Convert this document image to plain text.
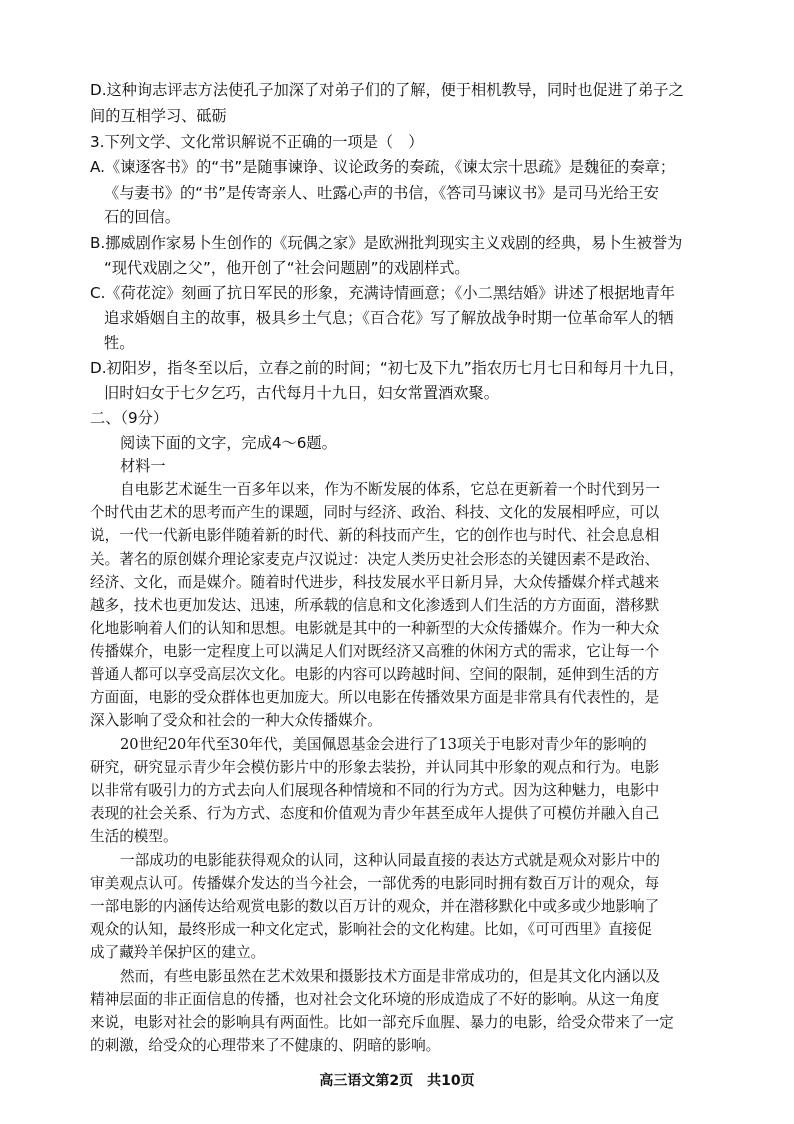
D.这种询志评志方法使孔子加深了对弟子们的了解，便于相机教导，同时也促进了弟子之
间的互相学习、砥砺
3.下列文学、文化常识解说不正确的一项是（　）
A.《谏逐客书》的“书”是随事谏诤、议论政务的奏疏，《谏太宗十思疏》是魏征的奏章；
《与妻书》的“书”是传寄亲人、吐露心声的书信，《答司马谏议书》是司马光给王安
石的回信。
B.挪威剧作家易卜生创作的《玩偶之家》是欧洲批判现实主义戏剧的经典，易卜生被誉为
“现代戏剧之父”，他开创了“社会问题剧”的戏剧样式。
C.《荷花淀》刻画了抗日军民的形象，充满诗情画意；《小二黑结婚》讲述了根据地青年
追求婚姻自主的故事，极具乡土气息；《百合花》写了解放战争时期一位革命军人的牺
牲。
D.初阳岁，指冬至以后，立春之前的时间；“初七及下九”指农历七月七日和每月十九日，
旧时妇女于七夕乞巧，古代每月十九日，妇女常置酒欢聚。
二、（9分）
阅读下面的文字，完成4～6题。
材料一
自电影艺术诞生一百多年以来，作为不断发展的体系，它总在更新着一个时代到另一
个时代由艺术的思考而产生的课题，同时与经济、政治、科技、文化的发展相呼应，可以
说，一代一代新电影伴随着新的时代、新的科技而产生，它的创作也与时代、社会息息相
关。著名的原创媒介理论家麦克卢汉说过：决定人类历史社会形态的关键因素不是政治、
经济、文化，而是媒介。随着时代进步，科技发展水平日新月异，大众传播媒介样式越来
越多，技术也更加发达、迅速，所承载的信息和文化渗透到人们生活的方方面面，潜移默
化地影响着人们的认知和思想。电影就是其中的一种新型的大众传播媒介。作为一种大众
传播媒介，电影一定程度上可以满足人们对既经济又高雅的休闲方式的需求，它让每一个
普通人都可以享受高层次文化。电影的内容可以跨越时间、空间的限制，延伸到生活的方
方面面，电影的受众群体也更加庞大。所以电影在传播效果方面是非常具有代表性的，是
深入影响了受众和社会的一种大众传播媒介。
20世纪20年代至30年代，美国佩恩基金会进行了13项关于电影对青少年的影响的
研究，研究显示青少年会模仿影片中的形象去装扮，并认同其中形象的观点和行为。电影
以非常有吸引力的方式去向人们展现各种情境和不同的行为方式。因为这种魅力，电影中
表现的社会关系、行为方式、态度和价值观为青少年甚至成年人提供了可模仿并融入自己
生活的模型。
一部成功的电影能获得观众的认同，这种认同最直接的表达方式就是观众对影片中的
审美观点认可。传播媒介发达的当今社会，一部优秀的电影同时拥有数百万计的观众，每
一部电影的内涵传达给观赏电影的数以百万计的观众，并在潜移默化中或多或少地影响了
观众的认知，最终形成一种文化定式，影响社会的文化构建。比如，《可可西里》直接促
成了藏羚羊保护区的建立。
然而，有些电影虽然在艺术效果和摄影技术方面是非常成功的，但是其文化内涵以及
精神层面的非正面信息的传播，也对社会文化环境的形成造成了不好的影响。从这一角度
来说，电影对社会的影响具有两面性。比如一部充斥血腥、暴力的电影，给受众带来了一定
的刺激，给受众的心理带来了不健康的、阴暗的影响。
高三语文第2页　共10页
